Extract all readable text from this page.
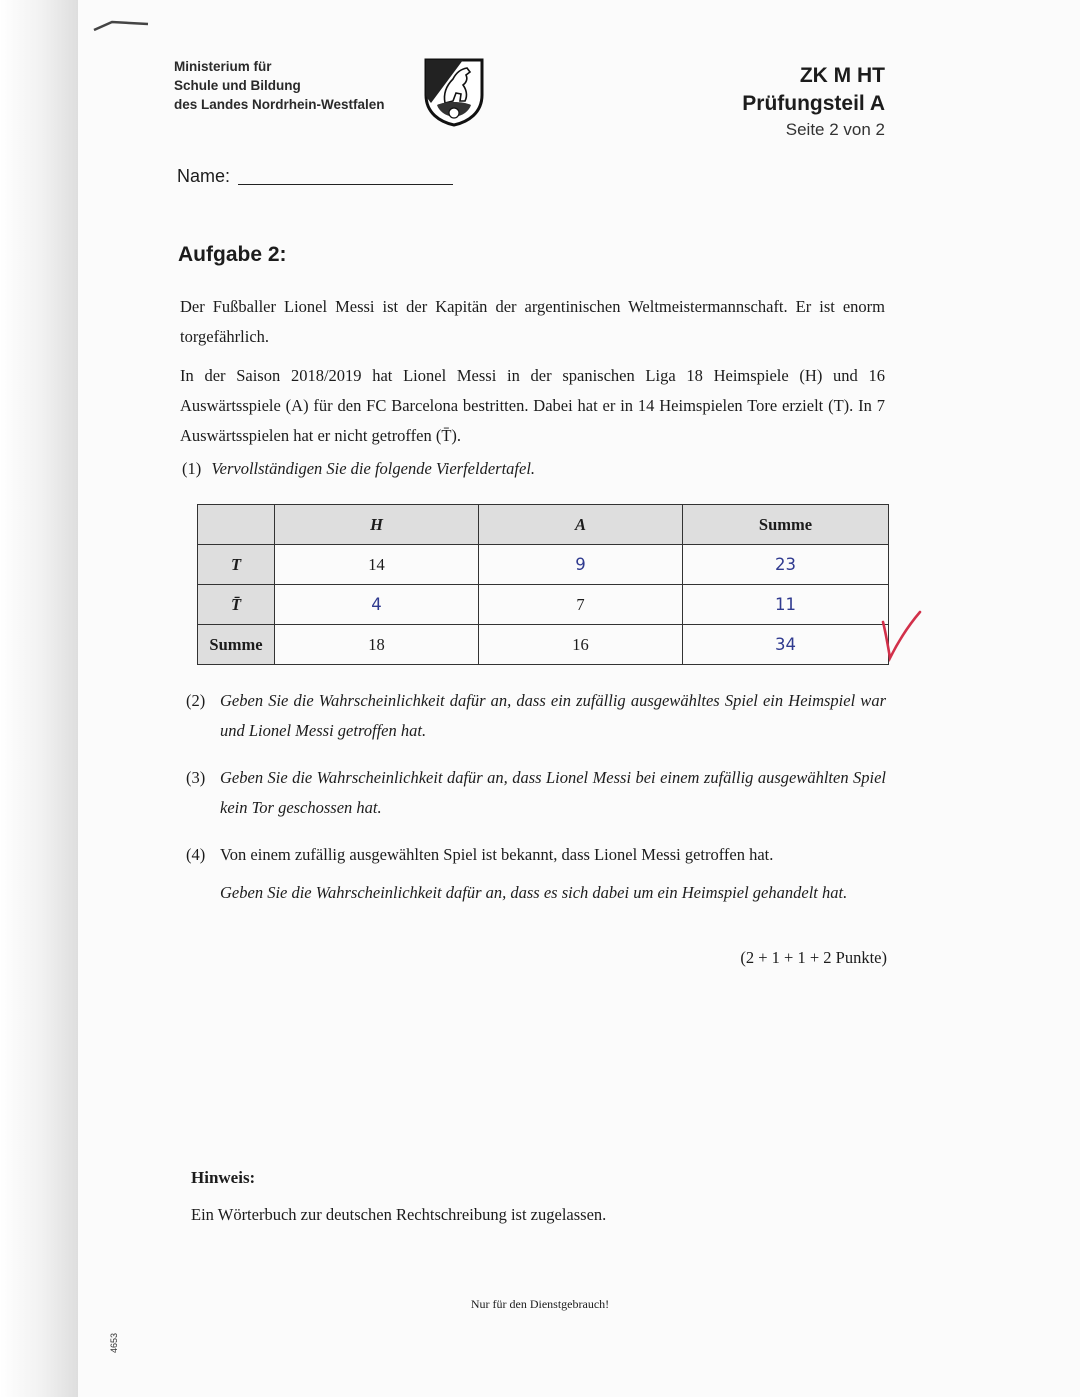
Ministerium für
Schule und Bildung
des Landes Nordrhein-Westfalen
ZK M HT
Prüfungsteil A
Seite 2 von 2
Name:
Aufgabe 2:
Der Fußballer Lionel Messi ist der Kapitän der argentinischen Weltmeistermannschaft. Er ist enorm torgefährlich.
In der Saison 2018/2019 hat Lionel Messi in der spanischen Liga 18 Heimspiele (H) und 16 Auswärtsspiele (A) für den FC Barcelona bestritten. Dabei hat er in 14 Heimspielen Tore erzielt (T). In 7 Auswärtsspielen hat er nicht getroffen (T̄).
(1) Vervollständigen Sie die folgende Vierfeldertafel.
	H	A	Summe
T	14	9	23
T̄	4	7	11
Summe	18	16	34
(2) Geben Sie die Wahrscheinlichkeit dafür an, dass ein zufällig ausgewähltes Spiel ein Heimspiel war und Lionel Messi getroffen hat.
(3) Geben Sie die Wahrscheinlichkeit dafür an, dass Lionel Messi bei einem zufällig ausgewählten Spiel kein Tor geschossen hat.
(4) Von einem zufällig ausgewählten Spiel ist bekannt, dass Lionel Messi getroffen hat.
Geben Sie die Wahrscheinlichkeit dafür an, dass es sich dabei um ein Heimspiel gehandelt hat.
(2 + 1 + 1 + 2 Punkte)
Hinweis:
Ein Wörterbuch zur deutschen Rechtschreibung ist zugelassen.
Nur für den Dienstgebrauch!
4653
